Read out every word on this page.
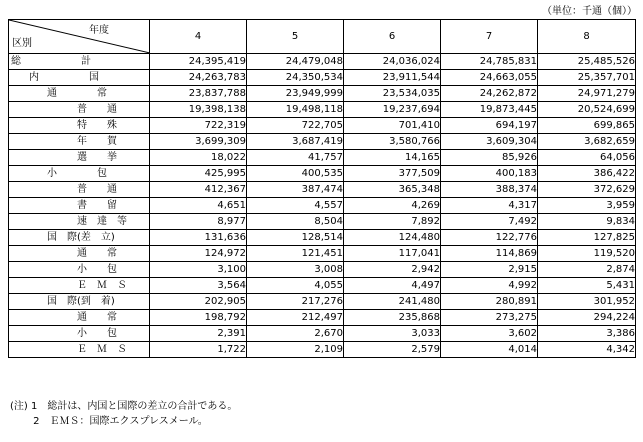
（単位：千通（個））
年度
区別	4	5	6	7	8

総　　　　　　計	24,395,419	24,479,048	24,036,024	24,785,831	25,485,526

内　　　　　国	24,263,783	24,350,534	23,911,544	24,663,055	25,357,701

通　　　　常	23,837,788	23,949,999	23,534,035	24,262,872	24,971,279

普　　通	19,398,138	19,498,118	19,237,694	19,873,445	20,524,699

特　　殊	722,319	722,705	701,410	694,197	699,865

年　　賀	3,699,309	3,687,419	3,580,766	3,609,304	3,682,659

選　　挙	18,022	41,757	14,165	85,926	64,056

小　　　　包	425,995	400,535	377,509	400,183	386,422

普　　通	412,367	387,474	365,348	388,374	372,629

書　　留	4,651	4,557	4,269	4,317	3,959

速　達　等	8,977	8,504	7,892	7,492	9,834

国　際(差　立)	131,636	128,514	124,480	122,776	127,825

通　　常	124,972	121,451	117,041	114,869	119,520

小　　包	3,100	3,008	2,942	2,915	2,874

Ｅ　Ｍ　Ｓ	3,564	4,055	4,497	4,992	5,431

国　際(到　着)	202,905	217,276	241,480	280,891	301,952

通　　常	198,792	212,497	235,868	273,275	294,224

小　　包	2,391	2,670	3,033	3,602	3,386

Ｅ　Ｍ　Ｓ	1,722	2,109	2,579	4,014	4,342
(注) 1　総計は、内国と国際の差立の合計である。
　　 2　ＥＭＳ：国際エクスプレスメール。
